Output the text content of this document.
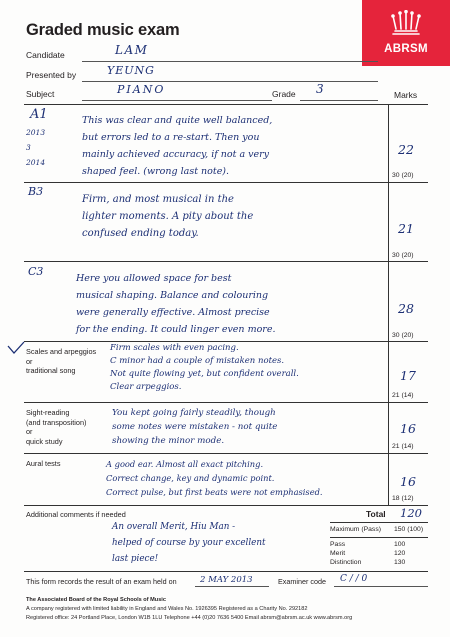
Graded music exam
ABRSM
Candidate	LAM
Presented by	YEUNG
Subject	PIANO	Grade 3	Marks
A1
2013
3
2014
This was clear and quite well balanced,
but errors led to a re-start. Then you
mainly achieved accuracy, if not a very
shaped feel. (wrong last note).
22
30 (20)
B3
Firm, and most musical in the
lighter moments. A pity about the
confused ending today.	21
30 (20)
C3
Here you allowed space for best
musical shaping. Balance and colouring
were generally effective. Almost precise
for the ending. It could linger even more.
28
30 (20)
Scales and arpeggios
or
traditional song
Firm scales with even pacing.
C minor had a couple of mistaken notes.
Not quite flowing yet, but confident overall.
Clear arpeggios.
17
21 (14)
Sight-reading
(and transposition)
or
quick study
You kept going fairly steadily, though
some notes were mistaken - not quite
showing the minor mode.
16
21 (14)
Aural tests	A good ear. Almost all exact pitching.
Correct change, key and dynamic point.
Correct pulse, but first beats were not emphasised.
16
18 (12)
Additional comments if needed
An overall Merit, Hiu Man -
helped of course by your excellent
last piece!
Total 120
Maximum (Pass) 150 (100)
Pass	100
Merit	120
Distinction	130
This form records the result of an exam held on	2 MAY 2013	Examiner code C / / 0
The Associated Board of the Royal Schools of Music
A company registered with limited liability in England and Wales No. 1926395 Registered as a Charity No. 292182
Registered office: 24 Portland Place, London W1B 1LU Telephone +44 (0)20 7636 5400 Email abrsm@abrsm.ac.uk www.abrsm.org
